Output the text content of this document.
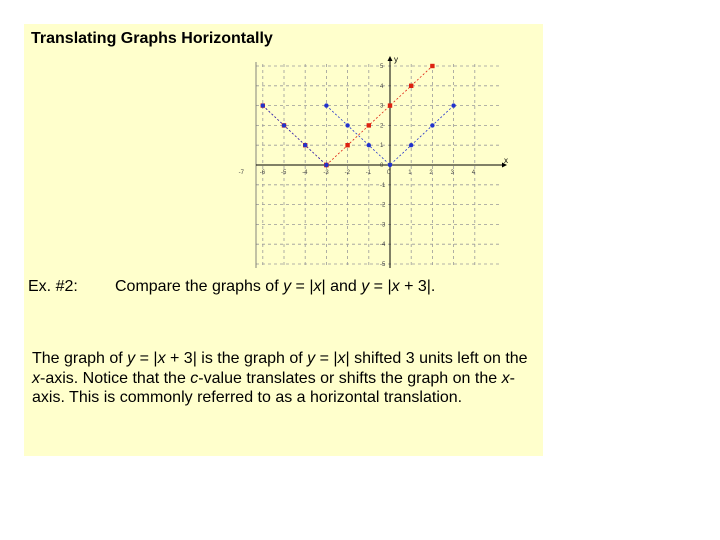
Translating Graphs Horizontally
-7	-6	-5	-4	-3	-2	-1	0	1	2	3	4
5
4
3
2
1
0
-1
-2
-3
-4
-5
x
y
Ex. #2: Compare the graphs of y = |x| and y = |x + 3|.
The graph of y = |x + 3| is the graph of y = |x| shifted 3 units left on the x-axis. Notice that the c-value translates or shifts the graph on the x-axis. This is commonly referred to as a horizontal translation.
